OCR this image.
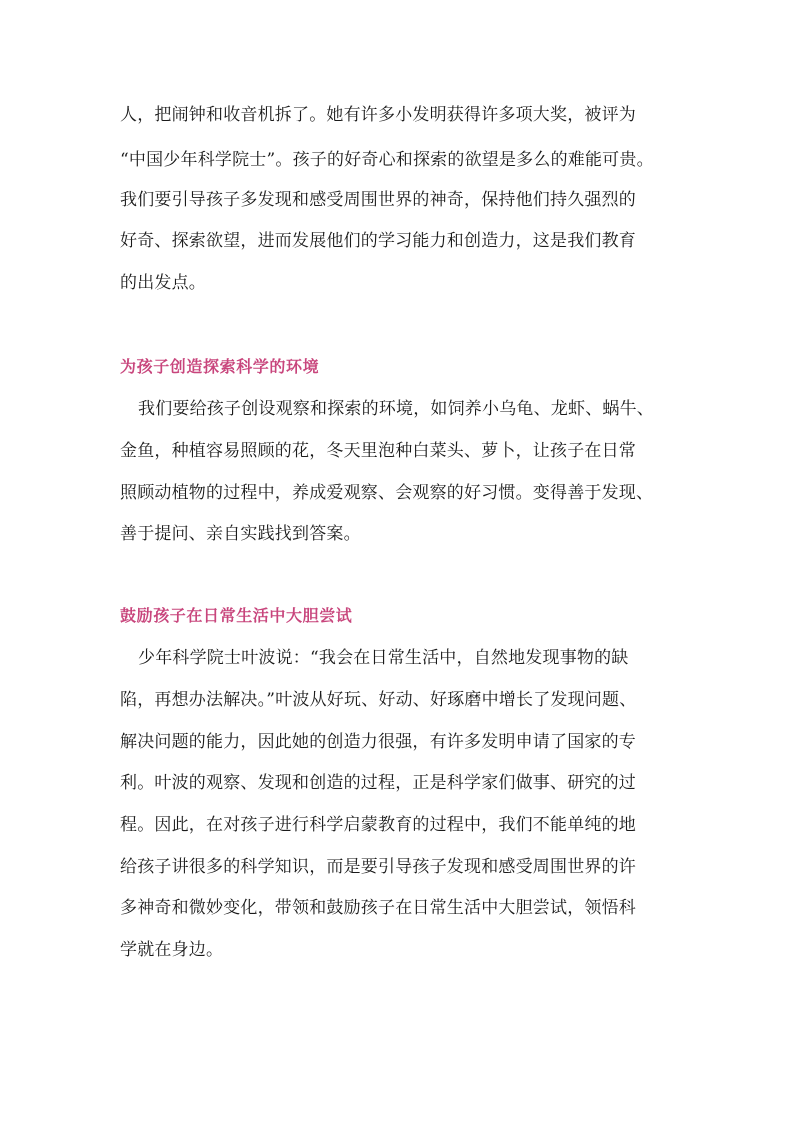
人，把闹钟和收音机拆了。她有许多小发明获得许多项大奖，被评为
“中国少年科学院士”。孩子的好奇心和探索的欲望是多么的难能可贵。
我们要引导孩子多发现和感受周围世界的神奇，保持他们持久强烈的
好奇、探索欲望，进而发展他们的学习能力和创造力，这是我们教育
的出发点。
为孩子创造探索科学的环境
我们要给孩子创设观察和探索的环境，如饲养小乌龟、龙虾、蜗牛、
金鱼，种植容易照顾的花，冬天里泡种白菜头、萝卜，让孩子在日常
照顾动植物的过程中，养成爱观察、会观察的好习惯。变得善于发现、
善于提问、亲自实践找到答案。
鼓励孩子在日常生活中大胆尝试
少年科学院士叶波说：“我会在日常生活中，自然地发现事物的缺
陷，再想办法解决。”叶波从好玩、好动、好琢磨中增长了发现问题、
解决问题的能力，因此她的创造力很强，有许多发明申请了国家的专
利。叶波的观察、发现和创造的过程，正是科学家们做事、研究的过
程。因此，在对孩子进行科学启蒙教育的过程中，我们不能单纯的地
给孩子讲很多的科学知识，而是要引导孩子发现和感受周围世界的许
多神奇和微妙变化，带领和鼓励孩子在日常生活中大胆尝试，领悟科
学就在身边。
